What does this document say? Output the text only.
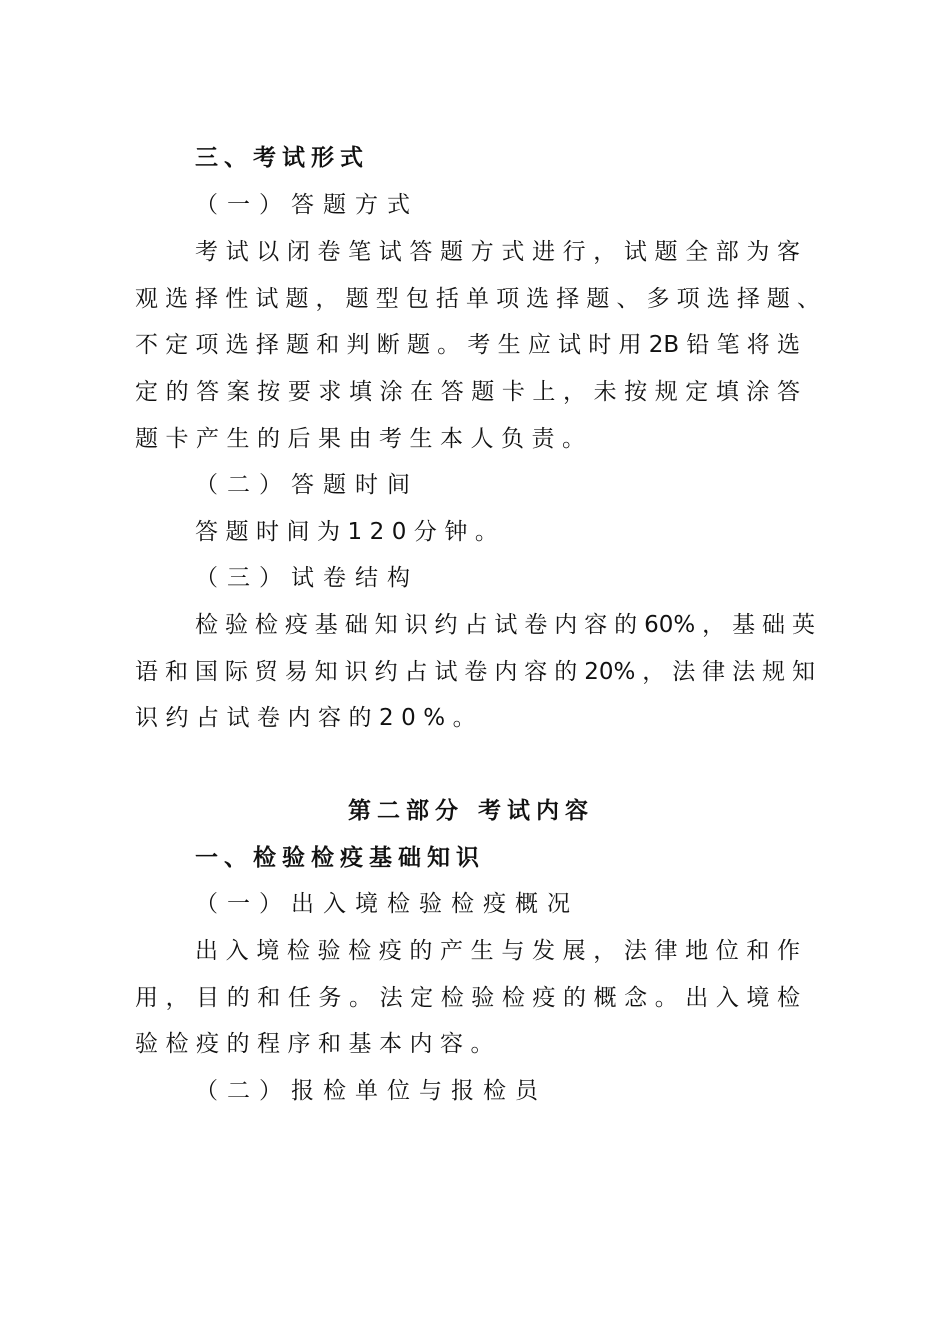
三、考试形式

（一）答题方式

考试以闭卷笔试答题方式进行，试题全部为客

观选择性试题，题型包括单项选择题、多项选择题、

不定项选择题和判断题。考生应试时用2B铅笔将选

定的答案按要求填涂在答题卡上，未按规定填涂答

题卡产生的后果由考生本人负责。

（二）答题时间

答题时间为120分钟。

（三）试卷结构

检验检疫基础知识约占试卷内容的60%，基础英

语和国际贸易知识约占试卷内容的20%，法律法规知

识约占试卷内容的20%。

第二部分 考试内容

一、检验检疫基础知识

（一）出入境检验检疫概况

出入境检验检疫的产生与发展，法律地位和作

用，目的和任务。法定检验检疫的概念。出入境检

验检疫的程序和基本内容。

（二）报检单位与报检员
